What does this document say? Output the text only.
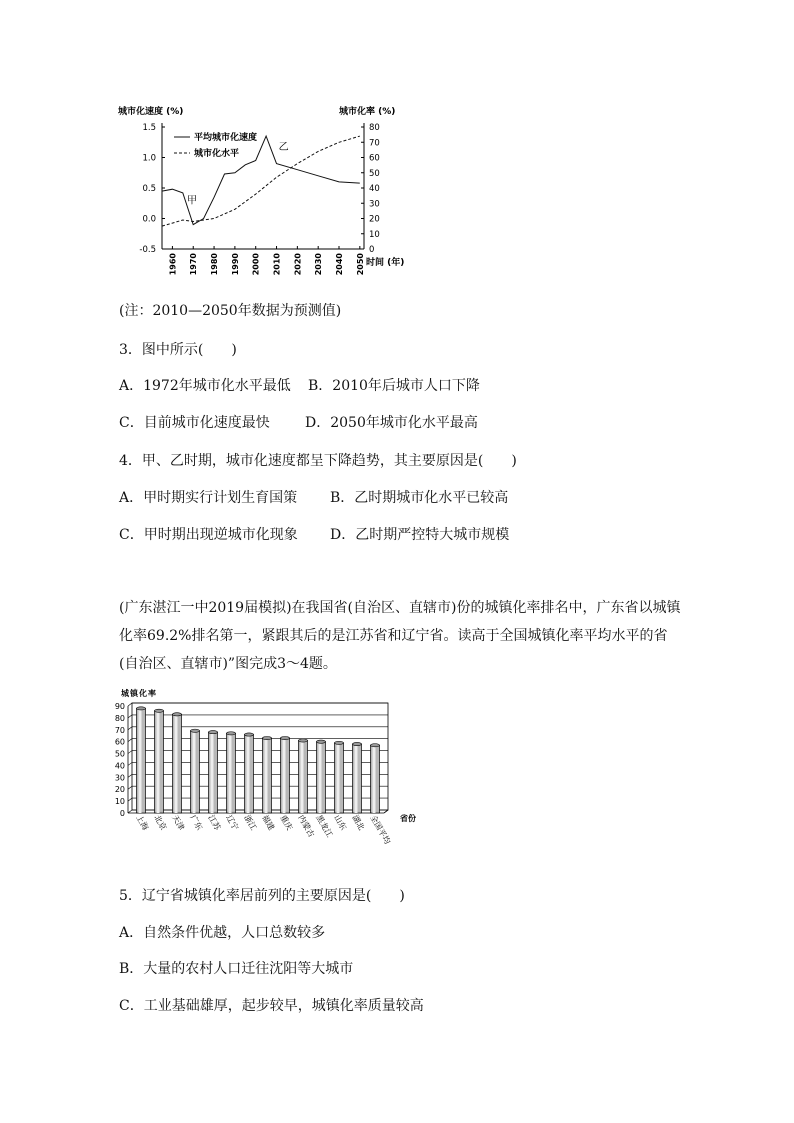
1.5
1.0
0.5
0.0
-0.5
80
70
60
50
40
30
20
10
0
1960 1970 1980 1990 2000 2010 2020 2030 2040 2050
平均城市化速度
城市化水平
甲
乙
城市化速度 (%)	城市化率 (%)
时间 (年)
(注：2010—2050年数据为预测值)
3．图中所示(　　)
A．1972年城市化水平最低 B．2010年后城市人口下降
C．目前城市化速度最快	D．2050年城市化水平最高
4．甲、乙时期，城市化速度都呈下降趋势，其主要原因是(　　)
A．甲时期实行计划生育国策 B．乙时期城市化水平已较高
C．甲时期出现逆城市化现象 D．乙时期严控特大城市规模
(广东湛江一中2019届模拟)在我国省(自治区、直辖市)份的城镇化率排名中，广东省以城镇化率69.2%排名第一，紧跟其后的是江苏省和辽宁省。读高于全国城镇化率平均水平的省(自治区、直辖市)”图完成3～4题。
90
80
70
60
50
40
30
20
10
0 上海 北京 天津 广东 江苏 辽宁 浙江 福建 重庆 内蒙古
黑龙江
山东 湖北 全国平均
城镇化率
省份
5．辽宁省城镇化率居前列的主要原因是(　　)
A．自然条件优越，人口总数较多
B．大量的农村人口迁往沈阳等大城市
C．工业基础雄厚，起步较早，城镇化率质量较高
